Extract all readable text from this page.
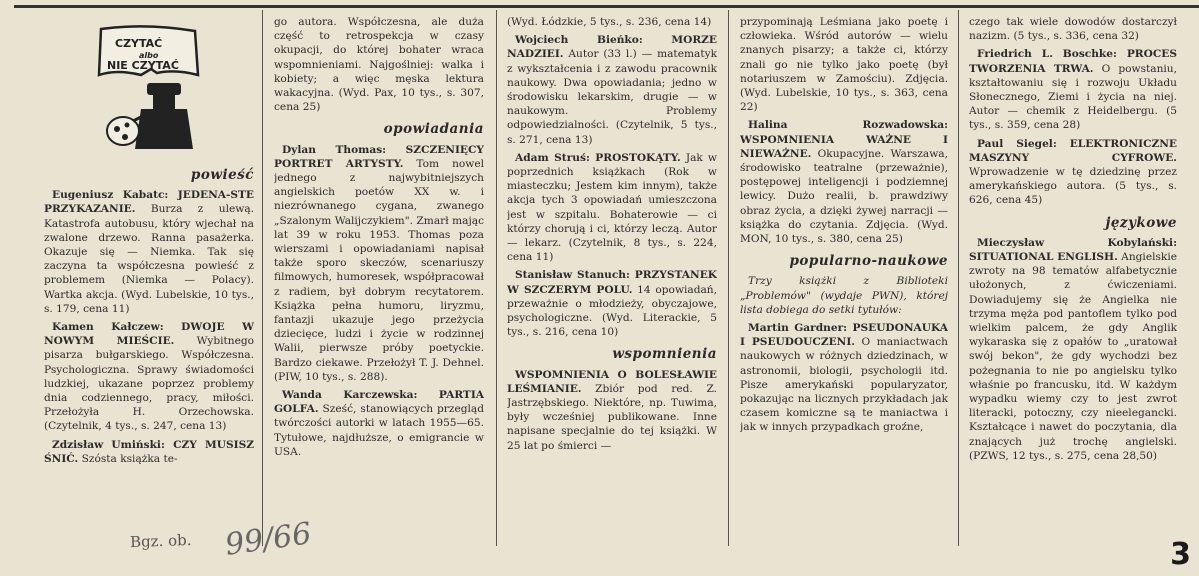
CZYTAĆ
albo
NIE CZYTAĆ
powieść

Eugeniusz Kabatc: JEDENA-STE PRZYKAZANIE. Burza z ulewą. Katastrofa autobusu, który wjechał na zwalone drzewo. Ranna pasażerka. Okazuje się — Niemka. Tak się zaczyna ta współczesna powieść z problemem (Niemka — Polacy). Wartka akcja. (Wyd. Lubelskie, 10 tys., s. 179, cena 11)

Kamen Kałczew: DWOJE W NOWYM MIEŚCIE. Wybitnego pisarza bułgarskiego. Współczesna. Psychologiczna. Sprawy świadomości ludzkiej, ukazane poprzez problemy dnia codziennego, pracy, miłości. Przełożyła H. Orzechowska. (Czytelnik, 4 tys., s. 247, cena 13)

Zdzisław Umiński: CZY MUSISZ ŚNIĆ. Szósta książka te-

go autora. Współczesna, ale duża część to retrospekcja w czasy okupacji, do której bohater wraca wspomnieniami. Najgoślniej: walka i kobiety; a więc męska lektura wakacyjna. (Wyd. Pax, 10 tys., s. 307, cena 25)

opowiadania

Dylan Thomas: SZCZENIĘCY PORTRET ARTYSTY. Tom nowel jednego z najwybitniejszych angielskich poetów XX w. i niezrównanego cygana, zwanego „Szalonym Walijczykiem". Zmarł mając lat 39 w roku 1953. Thomas poza wierszami i opowiadaniami napisał także sporo skeczów, scenariuszy filmowych, humoresek, współpracował z radiem, był dobrym recytatorem. Książka pełna humoru, liryzmu, fantazji ukazuje jego przeżycia dziecięce, ludzi i życie w rodzinnej Walii, pierwsze próby poetyckie. Bardzo ciekawe. Przełożył T. J. Dehnel. (PIW, 10 tys., s. 288).

Wanda Karczewska: PARTIA GOLFA. Sześć, stanowiących przegląd twórczości autorki w latach 1955—65. Tytułowe, najdłuższe, o emigrancie w USA.

(Wyd. Łódzkie, 5 tys., s. 236, cena 14)

Wojciech Bieńko: MORZE NADZIEI. Autor (33 l.) — matematyk z wykształcenia i z zawodu pracownik naukowy. Dwa opowiadania; jedno w środowisku lekarskim, drugie — w naukowym. Problemy odpowiedzialności. (Czytelnik, 5 tys., s. 271, cena 13)

Adam Struś: PROSTOKĄTY. Jak w poprzednich książkach (Rok w miasteczku; Jestem kim innym), także akcja tych 3 opowiadań umieszczona jest w szpitalu. Bohaterowie — ci którzy chorują i ci, którzy leczą. Autor — lekarz. (Czytelnik, 8 tys., s. 224, cena 11)

Stanisław Stanuch: PRZYSTANEK W SZCZERYM POLU. 14 opowiadań, przeważnie o młodzieży, obyczajowe, psychologiczne. (Wyd. Literackie, 5 tys., s. 216, cena 10)

wspomnienia

WSPOMNIENIA O BOLESŁAWIE LEŚMIANIE. Zbiór pod red. Z. Jastrzębskiego. Niektóre, np. Tuwima, były wcześniej publikowane. Inne napisane specjalnie do tej książki. W 25 lat po śmierci —

przypominają Leśmiana jako poetę i człowieka. Wśród autorów — wielu znanych pisarzy; a także ci, którzy znali go nie tylko jako poetę (był notariuszem w Zamościu). Zdjęcia. (Wyd. Lubelskie, 10 tys., s. 363, cena 22)

Halina Rozwadowska: WSPOMNIENIA WAŻNE I NIEWAŻNE. Okupacyjne. Warszawa, środowisko teatralne (przeważnie), postępowej inteligencji i podziemnej lewicy. Dużo realii, b. prawdziwy obraz życia, a dzięki żywej narracji — książka do czytania. Zdjęcia. (Wyd. MON, 10 tys., s. 380, cena 25)

popularno-naukowe

Trzy książki z Biblioteki „Problemów" (wydaje PWN), której lista dobiega do setki tytułów:

Martin Gardner: PSEUDONAUKA I PSEUDOUCZENI. O maniactwach naukowych w różnych dziedzinach, w astronomii, biologii, psychologii itd. Pisze amerykański popularyzator, pokazując na licznych przykładach jak czasem komiczne są te maniactwa i jak w innych przypadkach groźne,

czego tak wiele dowodów dostarczył nazizm. (5 tys., s. 336, cena 32)

Friedrich L. Boschke: PROCES TWORZENIA TRWA. O powstaniu, kształtowaniu się i rozwoju Układu Słonecznego, Ziemi i życia na niej. Autor — chemik z Heidelbergu. (5 tys., s. 359, cena 28)

Paul Siegel: ELEKTRONICZNE MASZYNY CYFROWE. Wprowadzenie w tę dziedzinę przez amerykańskiego autora. (5 tys., s. 626, cena 45)

językowe

Mieczysław Kobylański: SITUATIONAL ENGLISH. Angielskie zwroty na 98 tematów alfabetycznie ułożonych, z ćwiczeniami. Dowiadujemy się że Angielka nie trzyma męża pod pantoflem tylko pod wielkim palcem, że gdy Anglik wykaraska się z opałów to „uratował swój bekon", że gdy wychodzi bez pożegnania to nie po angielsku tylko właśnie po francusku, itd. W każdym wypadku wiemy czy to jest zwrot literacki, potoczny, czy nieelegancki. Kształcące i nawet do poczytania, dla znających już trochę angielski. (PZWS, 12 tys., s. 275, cena 28,50)

Bgz. ob. 99/66	3
